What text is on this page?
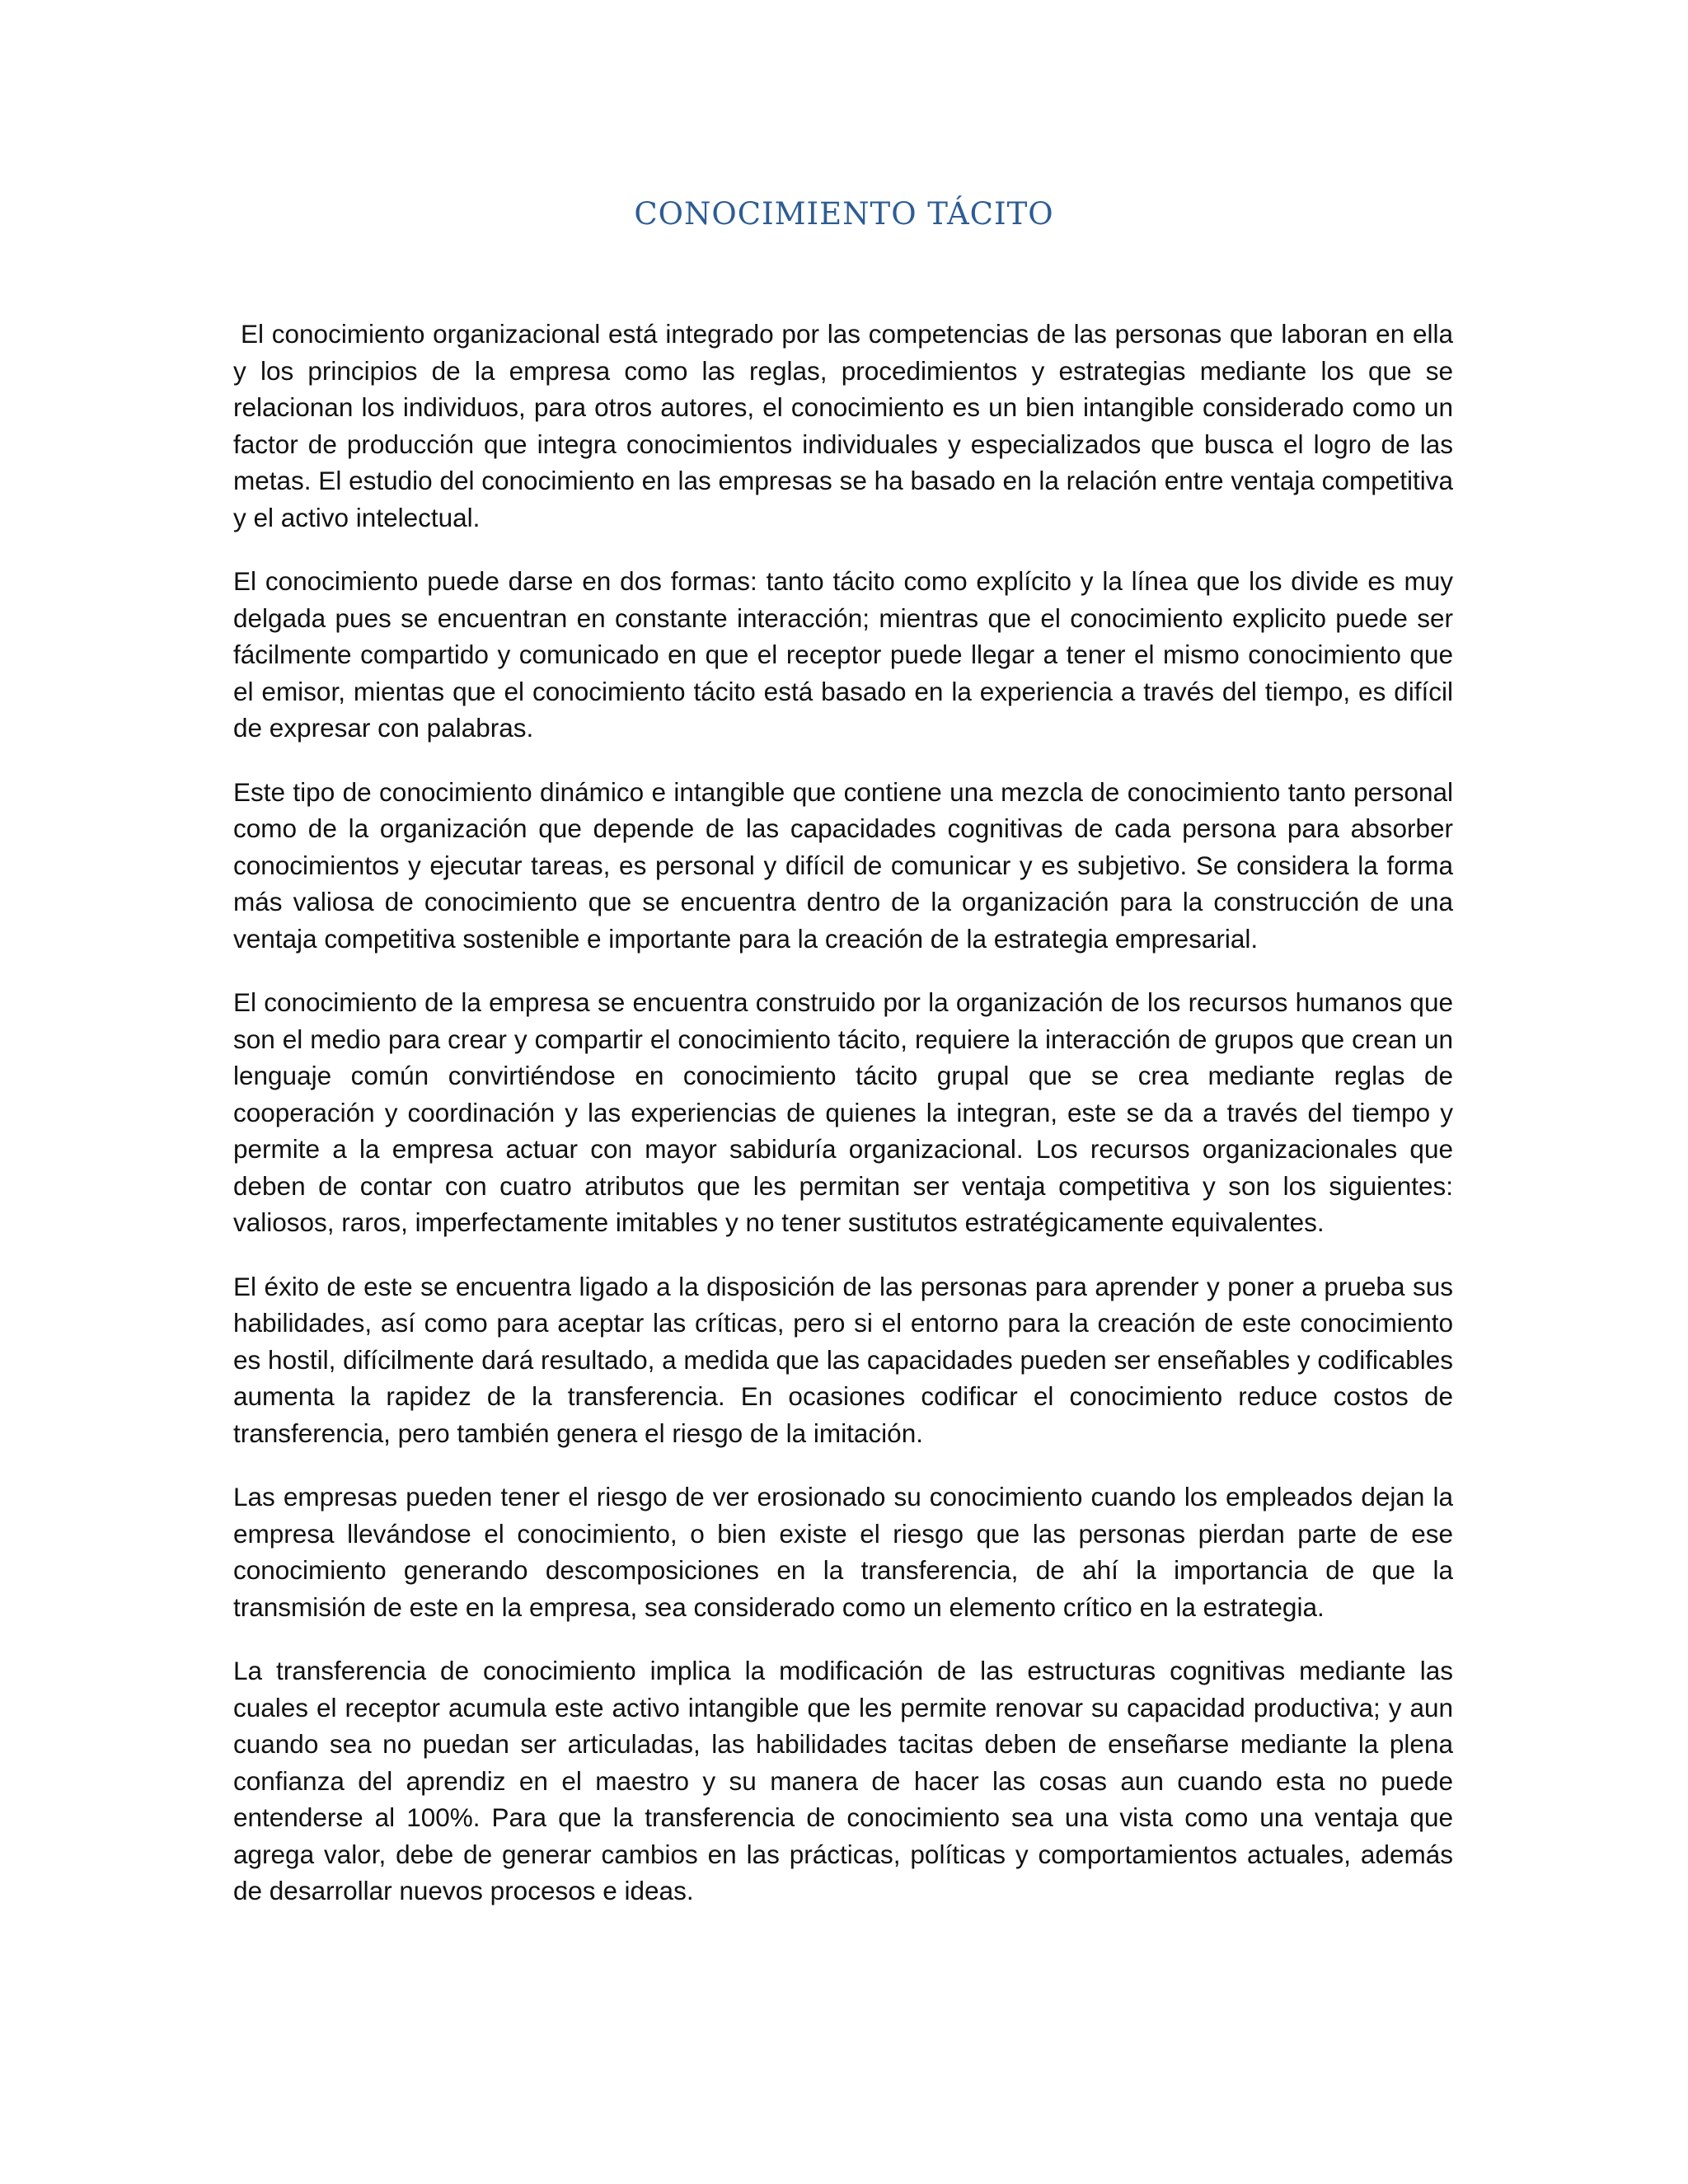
CONOCIMIENTO TÁCITO

El conocimiento organizacional está integrado por las competencias de las personas que laboran en ella y los principios de la empresa como las reglas, procedimientos y estrategias mediante los que se relacionan los individuos, para otros autores, el conocimiento es un bien intangible considerado como un factor de producción que integra conocimientos individuales y especializados que busca el logro de las metas. El estudio del conocimiento en las empresas se ha basado en la relación entre ventaja competitiva y el activo intelectual.

El conocimiento puede darse en dos formas: tanto tácito como explícito y la línea que los divide es muy delgada pues se encuentran en constante interacción; mientras que el conocimiento explicito puede ser fácilmente compartido y comunicado en que el receptor puede llegar a tener el mismo conocimiento que el emisor, mientas que el conocimiento tácito está basado en la experiencia a través del tiempo, es difícil de expresar con palabras.

Este tipo de conocimiento dinámico e intangible que contiene una mezcla de conocimiento tanto personal como de la organización que depende de las capacidades cognitivas de cada persona para absorber conocimientos y ejecutar tareas, es personal y difícil de comunicar y es subjetivo. Se considera la forma más valiosa de conocimiento que se encuentra dentro de la organización para la construcción de una ventaja competitiva sostenible e importante para la creación de la estrategia empresarial.

El conocimiento de la empresa se encuentra construido por la organización de los recursos humanos que son el medio para crear y compartir el conocimiento tácito, requiere la interacción de grupos que crean un lenguaje común convirtiéndose en conocimiento tácito grupal que se crea mediante reglas de cooperación y coordinación y las experiencias de quienes la integran, este se da a través del tiempo y permite a la empresa actuar con mayor sabiduría organizacional. Los recursos organizacionales que deben de contar con cuatro atributos que les permitan ser ventaja competitiva y son los siguientes: valiosos, raros, imperfectamente imitables y no tener sustitutos estratégicamente equivalentes.

El éxito de este se encuentra ligado a la disposición de las personas para aprender y poner a prueba sus habilidades, así como para aceptar las críticas, pero si el entorno para la creación de este conocimiento es hostil, difícilmente dará resultado, a medida que las capacidades pueden ser enseñables y codificables aumenta la rapidez de la transferencia. En ocasiones codificar el conocimiento reduce costos de transferencia, pero también genera el riesgo de la imitación.

Las empresas pueden tener el riesgo de ver erosionado su conocimiento cuando los empleados dejan la empresa llevándose el conocimiento, o bien existe el riesgo que las personas pierdan parte de ese conocimiento generando descomposiciones en la transferencia, de ahí la importancia de que la transmisión de este en la empresa, sea considerado como un elemento crítico en la estrategia.

La transferencia de conocimiento implica la modificación de las estructuras cognitivas mediante las cuales el receptor acumula este activo intangible que les permite renovar su capacidad productiva; y aun cuando sea no puedan ser articuladas, las habilidades tacitas deben de enseñarse mediante la plena confianza del aprendiz en el maestro y su manera de hacer las cosas aun cuando esta no puede entenderse al 100%. Para que la transferencia de conocimiento sea una vista como una ventaja que agrega valor, debe de generar cambios en las prácticas, políticas y comportamientos actuales, además de desarrollar nuevos procesos e ideas.
